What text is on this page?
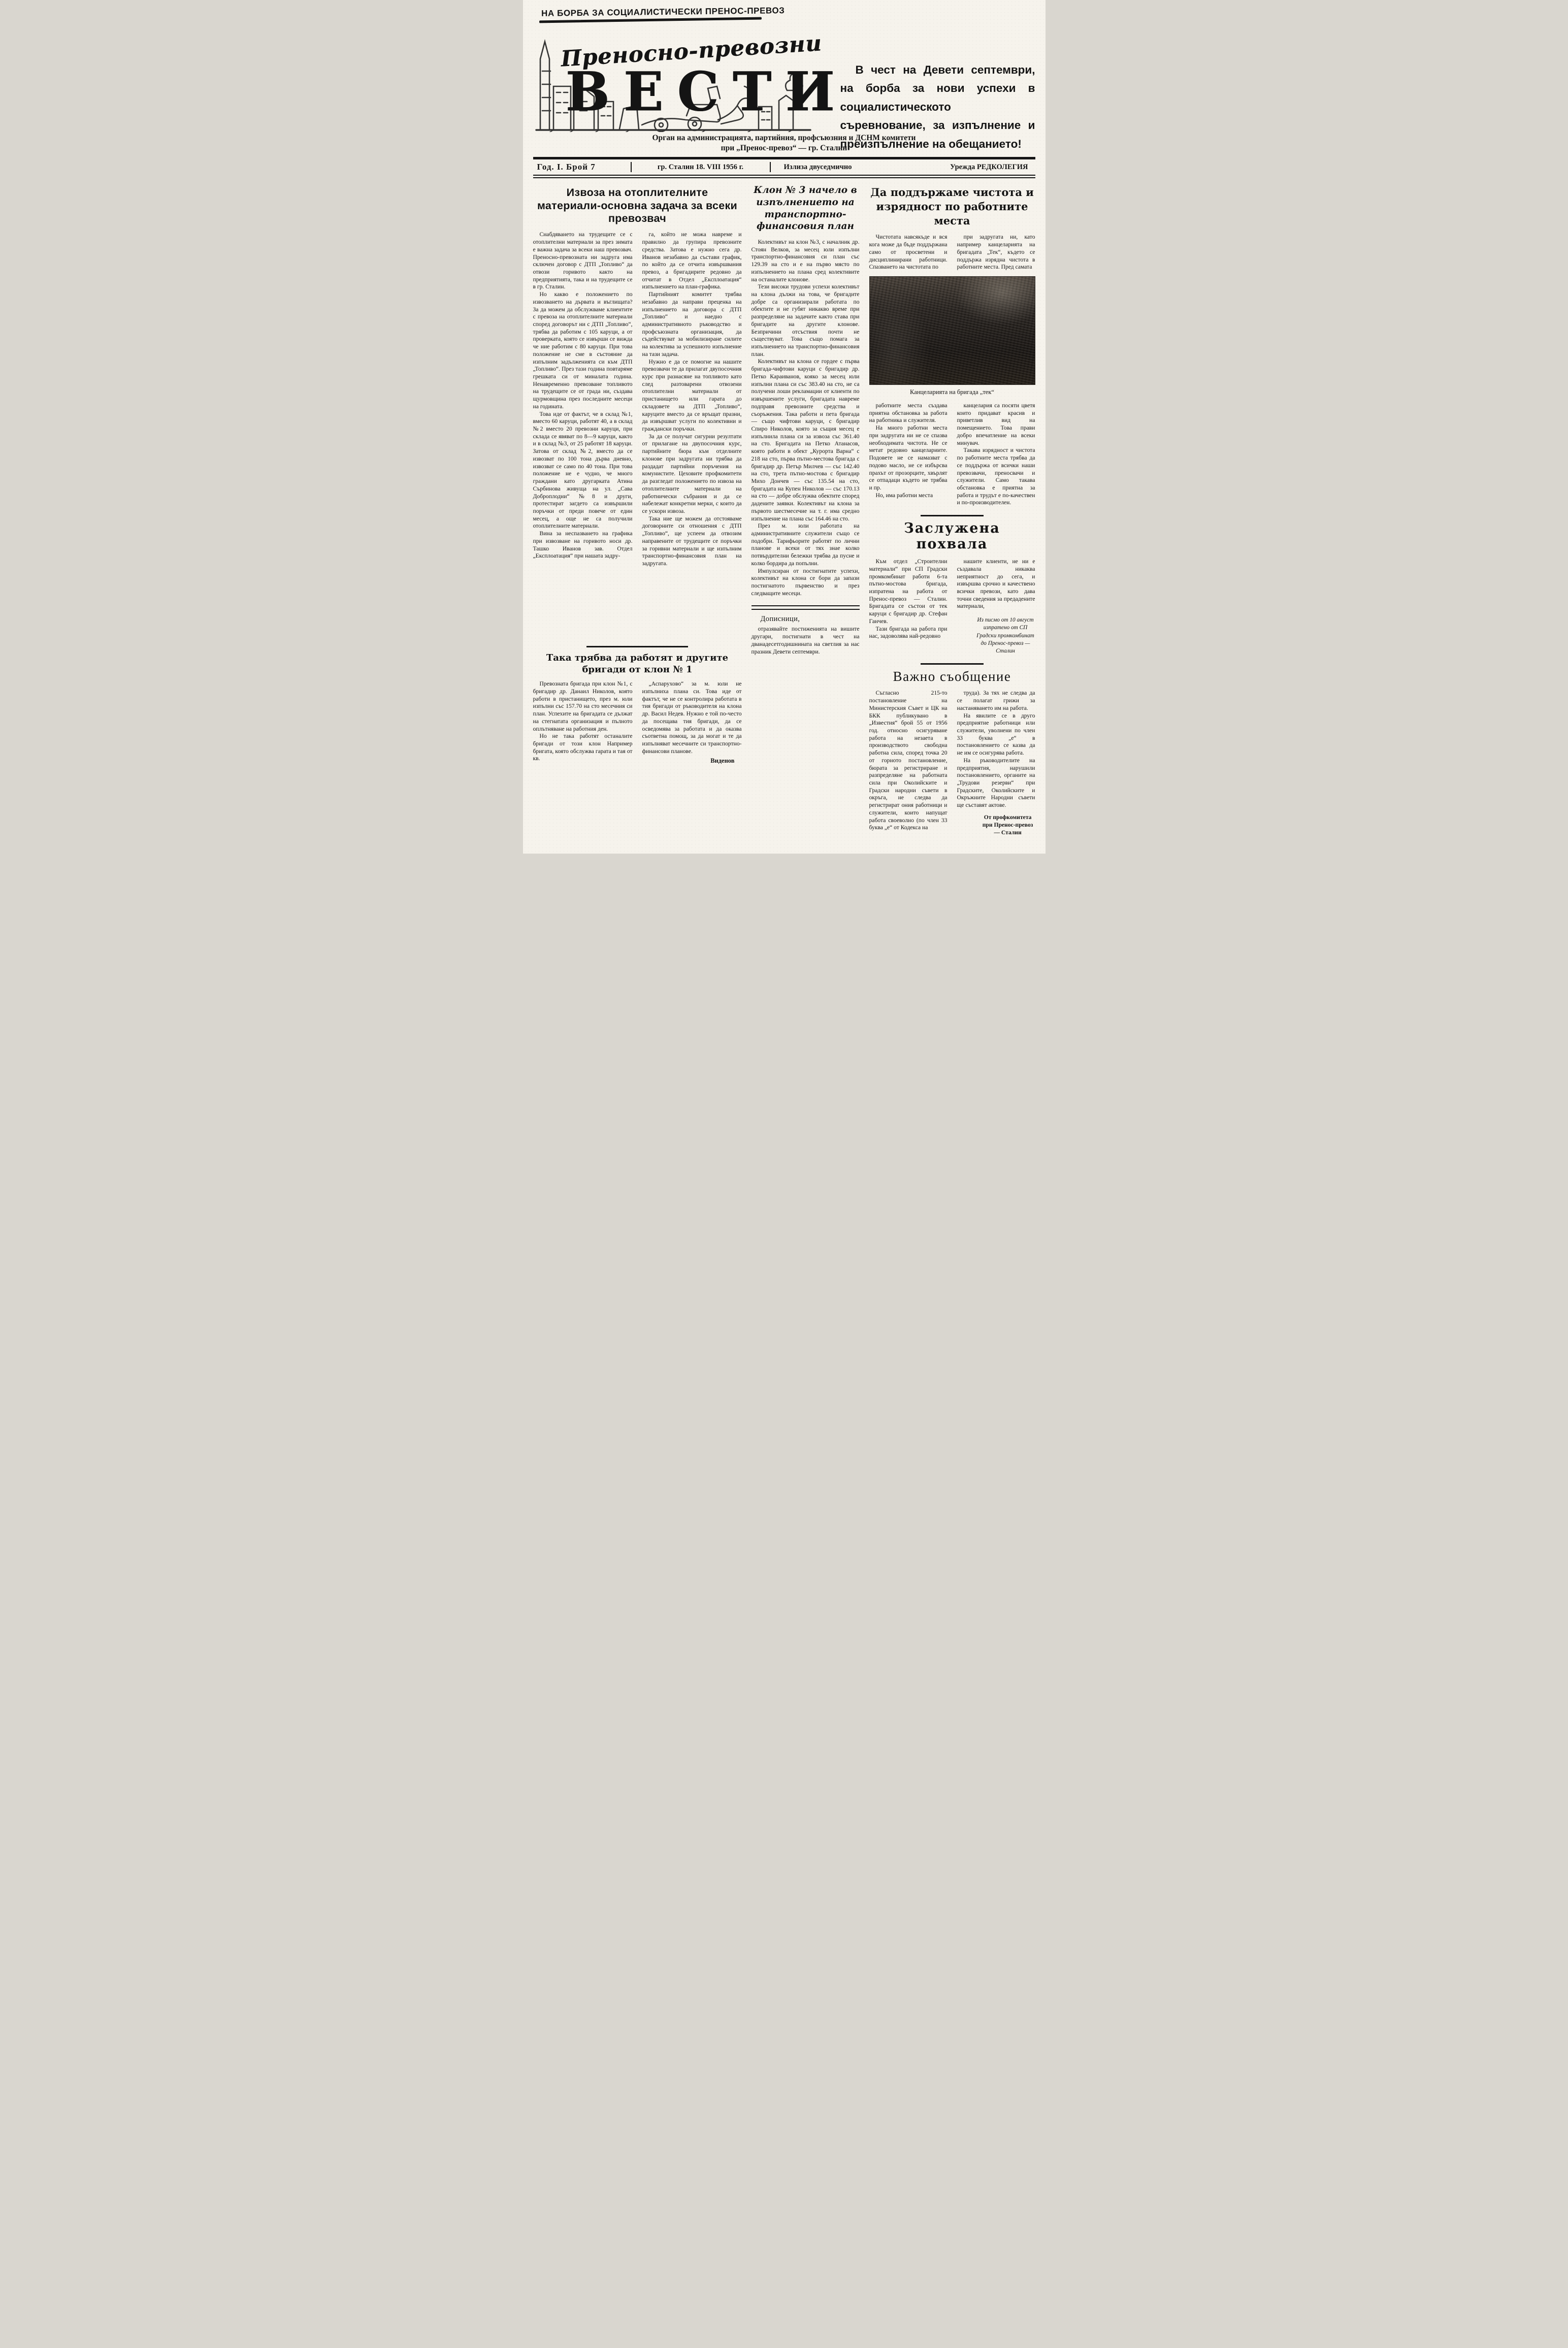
НА БОРБА ЗА СОЦИАЛИСТИЧЕСКИ ПРЕНОС-ПРЕВОЗ
Преносно-превозни
ВЕСТИ В чест на Девети септември, на борба за нови успехи в социалистическото съревнование, за изпълнение и преизпълнение на обещанието!
Орган на администрацията, партийния, профсъюзния и ДСНМ комитети
при „Пренос-превоз“ — гр. Сталин
Год. I. Брой 7	гр. Сталин 18. VIII 1956 г.	Излиза двуседмично	Урежда РЕДКОЛЕГИЯ
Извоза на отоплителните материали-основна задача за всеки превозвач

Снабдяването на трудещите се с отоплителни материали за през зимата е важна задача за всеки наш превозвач. Преносно-превозната ни задруга има сключен договор с ДТП „Топливо“ да отвози горивото както на предприятията, така и на трудещите се в гр. Сталин.

Но какво е положението по извозването на дървата и въглищата? За да можем да обслужваме клиентите с превоза на отоплителните материали според договорът ни с ДТП „Топливо“, трябва да работим с 105 каруци, а от проверката, която се извърши се вижда че ние работим с 80 каруци. При това положение не сме в състояние да изпълним задълженията си към ДТП „Топливо“. През тази година повтаряме грешката си от миналата година. Ненавременно превозване топливото на трудещите се от града ни, създава щурмовщина през последните месеци на годината.

Това иде от фактът, че в склад №1, вместо 60 каруци, работят 40, а в склад №2 вместо 20 превозни каруци, при склада се явяват по 8—9 каруци, както и в склад №3, от 25 работят 18 каруци. Затова от склад №2, вместо да се извозват по 100 тона дърва дневно, извозват се само по 40 тона. При това положение не е чудно, че много граждани като другарката Атина Сърбинова живуща на ул. „Сава Доброплодни“ №8 и други, протестират загдето са извършили поръчки от преди повече от един месец, а още не са получили отоплителните материали.

Вина за неспазването на графика при извозване на горивото носи др. Ташко Иванов зав. Отдел „Експлоатация“ при нашата задру-

га, който не можа навреме и правилно да групира превозните средства. Затова е нужно сега др. Иванов незабавно да състави график, по който да се отчита извършвания превоз, а бригадирите редовно да отчитат в Отдел „Експлоатация“ изпълнението на план-графика.

Партийният комитет трябва незабавно да направи преценка на изпълнението на договора с ДТП „Топливо“ и наедно с административното ръководство и профсъюзната организация, да съдействуват за мобилизиране силите на колектива за успешното изпълнение на тази задача.

Нужно е да се помогне на нашите превозвачи те да прилагат двупосочния курс при разнасяне на топливото като след разтоварени отвозени отоплителни материали от пристанището или гарата до складовете на ДТП „Топливо“, каруците вместо да се връщат празни, да извършват услуги по колективни и граждански поръчки.

За да се получат сигурни резултати от прилагане на двупосочния курс, партийните бюра към отделните клонове при задругата ни трябва да раздадат партийни поръчения на комунистите. Цеховите профкомитети да разгледат положението по извоза на отоплителните материали на работнически събрания и да се набележат конкретни мерки, с които да се ускори извоза.

Така ние ще можем да отстояваме договорните си отношения с ДТП „Топливо“, ще успеем да отвозим направените от трудещите се поръчки за горивни материали и ще изпълним транспортно-финансовия план на задругата.

Така трябва да работят и другите бригади от клон № 1

Превозната бригада при клон №1, с бригадир др. Данаил Николов, която работи в пристанището, през м. юли изпълни със 157.70 на сто месечния си план. Успехите на бригадата се дължат на стегнатата организация и пълното оплътняване на работния ден.

Но не така работят останалите бригади от този клон Например бригата, която обслужва гарата и тая от кв.

„Аспарухово“ за м. юли не изпълниха плана си. Това иде от фактът, че не се контролира работата в тия бригади от ръководителя на клона др. Васил Недев. Нужно е той по-често да посещава тия бригади, да се осведомява за работата и да оказва съответна помощ, за да могат и те да изпълняват месечните си транспортно-финансови планове.

Виденов
Клон № 3 начело в изпълнението на транспортно-финансовия план

Колективът на клон №3, с началник др. Стоян Велков, за месец юли изпълни транспортно-финансовия си план със 129.39 на сто и е на първо място по изпълнението на плана сред колективите на останалите клонове.

Тези високи трудови успехи колективът на клона дължи на това, че бригадите добре са организирали работата по обектите и не губят никакво време при разпределяне на задачите както става при бригадите на другите клонове. Безпричини отсъствия почти не съществуват. Това също помага за изпълнението на транспортно-финансовия план.

Колективът на клона се гордее с първа бригада-чифтови каруци с бригадир др. Петко Караиванов, кояко за месец юли изпълни плана си със 383.40 на сто, не са получени лоши рекламации от клиенти по извършените услуги, бригадата навреме подправя превозните средства и съоръжения. Така работи и пета бригада — също чифтови каруци, с бригадир Спиро Николов, която за същия месец е изпълнила плана си за извоза със 361.40 на сто. Бригадата на Петко Атанасов, която работи в обект „Курорта Варна“ с 218 на сто, първа пътно-местова бригада с бригадир др. Петър Милчев — със 142.40 на сто, трета пътно-мостова с бригадир Михо Дончев — със 135.54 на сто, бригадата на Купен Николов — със 170.13 на сто — добре обслужва обектите според дадените заявки. Колективът на клона за първото шестмесечие на т. г. има средно изпълнение на плана със 164.46 на сто.

През м. юли работата на административните служители също се подобри. Тарифьорите работят по лични планове и всеки от тях знае колко потвърдителни бележки трябва да пусне и колко бордира да попълни.

Импулсиран от постигнатите успехи, колективът на клона се бори да запази постигнатото първенство и през следващите месеци.

Дописници,

отразявайте постиженията на вишите другари, постигнати в чест на дванадесетгодишнината на светлия за нас празник Девети септември.

Да поддържаме чистота и изрядност по работните места

Чистотата навсякъде и вся кога може да бъде поддържана само от просветени и дисциплинирани работници. Спазването на чистотата по

при задругата ни, като например канцеларията на бригадата „Тек“, където се поддържа изрядна чистота в работните места. Пред самата

Канцеларията на бригада „тек“

работните места създава приятна обстановка за работа на работника и служителя.

На много работни места при задругата ни не се спазва необходимата чистота. Не се метат редовно канцелариите. Подовете не се намазват с подово масло, не се избърсва прахът от прозорците, хвърлят се отпадаци където не трябва и пр.

Но, има работни места

канцелария са посяти цветя които придават красив и приветлив вид на помещението. Това прави добро впечатление на всеки минувач.

Такава изрядност и чистота по работните места трябва да се поддържа от всички наши превозвачи, преносвачи и служители. Само такава обстановка е приятна за работа и трудът е по-качествен и по-производителен.

Заслужена похвала

Към отдел „Строителни материали“ при СП Градски промкомбинат работи 6-та пътно-мостова бригада, изпратена на работа от Пренос-превоз — Сталин. Бригадата се състои от тек каруци с бригадир др. Стефан Ганчев.

Тази бригада на работа при нас, задоволява най-редовно

нашите клиенти, не ни е създавала никаква неприятност до сега, и извършва срочно и качествено всички превози, като дава точни сведения за предадените материали,

Из писмо от 10 август изпратено от СП Градски промкомбинат до Пренос-превоз — Сталин
Важно съобщение

Съгласно 215-то постановление на Министерския Съвет и ЦК на БКК публикувано в „Известия“ брой 55 от 1956 год. относно осигуряване работа на незаета в производството свободна работна сила, според точка 20 от горното постановление, бюрата за регистриране и разпределяне на работната сила при Околийските и Градски народни съвети в окръга, не следва да регистрират ония работници и служители, които напущат работа своеволно (по член 33 буква „е“ от Кодекса на

труда). За тях не следва да се полагат грижи за настаняването им на работа.

На явилите се в друго предприятие работници или служители, уволнени по член 33 буква „е“ в постановлението се казва да не им се осигурява работа.

На ръководителите на предприятия, нарушили постановлението, органите на „Трудови резерви“ при Градските, Околийските и Окръжните Народни съвети ще съставят актове.

От профкомитета при Пренос-превоз — Сталин
